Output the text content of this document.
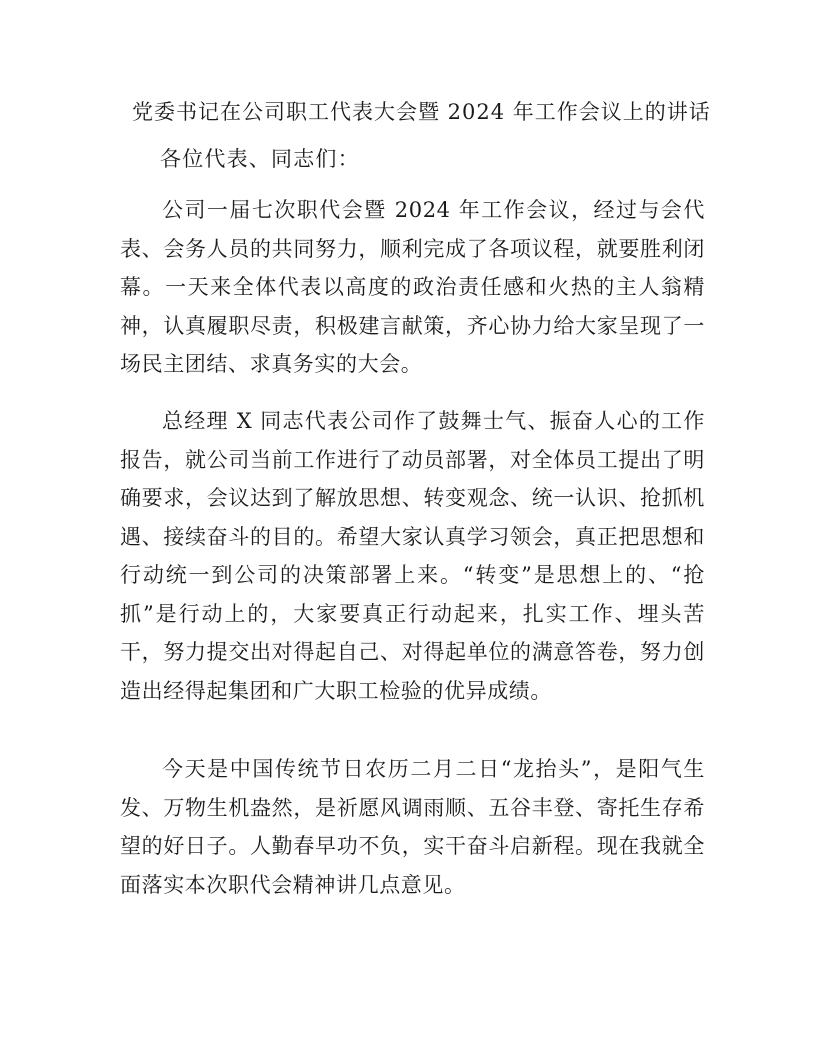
党委书记在公司职工代表大会暨 2024 年工作会议上的讲话
各位代表、同志们：

公司一届七次职代会暨 2024 年工作会议，经过与会代表、会务人员的共同努力，顺利完成了各项议程，就要胜利闭幕。一天来全体代表以高度的政治责任感和火热的主人翁精神，认真履职尽责，积极建言献策，齐心协力给大家呈现了一场民主团结、求真务实的大会。

总经理 X 同志代表公司作了鼓舞士气、振奋人心的工作报告，就公司当前工作进行了动员部署，对全体员工提出了明确要求，会议达到了解放思想、转变观念、统一认识、抢抓机遇、接续奋斗的目的。希望大家认真学习领会，真正把思想和行动统一到公司的决策部署上来。“转变”是思想上的、“抢抓”是行动上的，大家要真正行动起来，扎实工作、埋头苦干，努力提交出对得起自己、对得起单位的满意答卷，努力创造出经得起集团和广大职工检验的优异成绩。

今天是中国传统节日农历二月二日“龙抬头”，是阳气生发、万物生机盎然，是祈愿风调雨顺、五谷丰登、寄托生存希望的好日子。人勤春早功不负，实干奋斗启新程。现在我就全面落实本次职代会精神讲几点意见。
